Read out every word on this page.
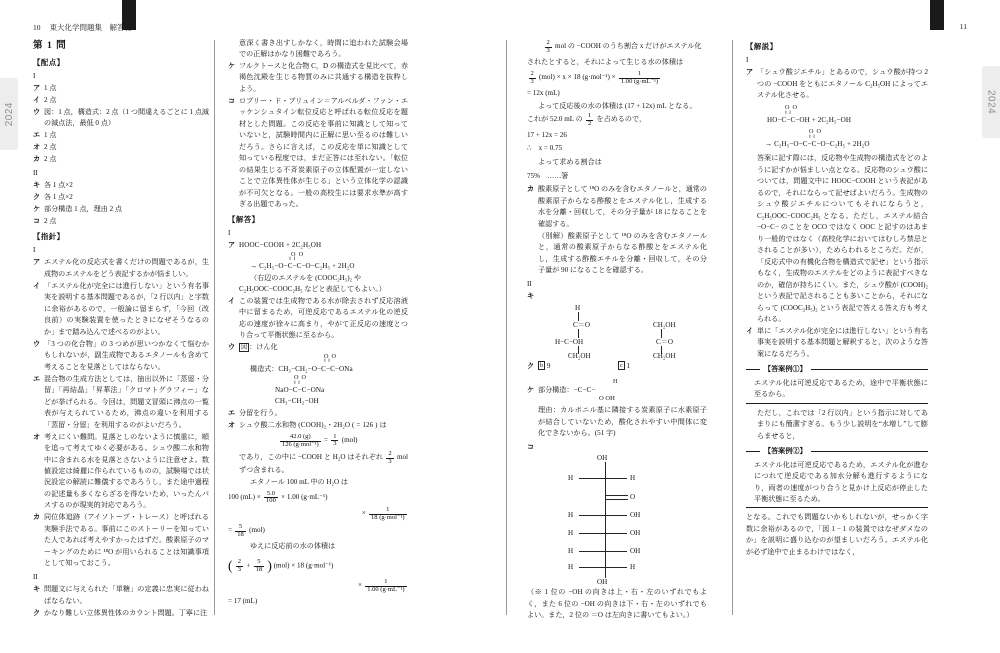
2024	2024
10 東大化学問題集　解答篇	11
第 1 問
【配点】
I
ア 1 点
イ 2 点
ウ 図：1 点，構造式：2 点（1 つ間違えるごとに 1 点減の減点法，最低 0 点）
エ 1 点
オ 2 点
カ 2 点
II
キ 各 1 点×2
ク 各 1 点×2
ケ 部分構造 1 点，理由 2 点
コ 2 点
【指針】
I
ア エステル化の反応式を書くだけの問題であるが，生成物のエステルをどう表記するかが悩ましい。
イ 「エステル化が完全には進行しない」という有名事実を説明する基本問題であるが，「2 行以内」と字数に余裕があるので，一般論に留まらず，「今回（改良前）の実験装置を使ったときになぜそうなるのか」まで踏み込んで述べるのがよい。
ウ 「3 つの化合物」の 3 つめが思いつかなくて悩むかもしれないが，副生成物であるエタノールも含めて考えることを見落としてはならない。
エ 混合物の生成方法としては，抽出以外に「蒸留・分留」「再結晶」「昇華法」「クロマトグラフィー」などが挙げられる。今回は，問題文冒頭に沸点の一覧表が与えられているため，沸点の違いを利用する「蒸留・分留」を利用するのがよいだろう。
オ 考えにくい難問。見落としのないように慎重に，順を追って考えてゆく必要がある。シュウ酸二水和物中に含まれる水を見落とさないように注意せよ。数値設定は綺麗に作られているものの，試験場では状況設定の解読に難儀するであろうし，また途中過程の記述量も多くならざるを得ないため，いったんパスするのが現実的対応であろう。
カ 同位体追跡（アイソトープ・トレース）と呼ばれる実験手法である。事前にこのストーリーを知っていた人であれば考えやすかったはずだ。酸素原子のマーキングのために ¹⁸O が用いられることは知識事項として知っておこう。
II
キ 問題文に与えられた「単糖」の定義に忠実に従わねばならない。
ク かなり難しい立体異性体のカウント問題。丁寧に注
意深く書き出すしかなく，時間に追われた試験会場での正解はかなり困難であろう。
ケ フルクトースと化合物 C，D の構造式を見比べて，赤褐色沈殿を生じる物質のみに共通する構造を抜粋しよう。
コ ロブリー・ド・ブリュイン＝アルベルダ・ファン・エッケンシュタイン転位反応と呼ばれる転位反応を題材とした問題。この反応を事前に知識として知っていないと，試験時間内に正解に思い至るのは難しいだろう。さらに言えば，この反応を単に知識として知っている程度では，まだ正答には至れない。「転位の結果生じる不斉炭素原子の立体配置が一定しないことで立体異性体が生じる」という立体化学の認識が不可欠となる。一般の高校生には要求水準が高すぎる出題であった。
【解答】
I
ア HOOC−COOH + 2C₂H₅OH
O  O
‖  ‖
→ C₂H₅−O−C−C−O−C₂H₅ + 2H₂O
（右辺のエステルを (COOC₂H₅)₂ や
C₂H₅OOC−COOC₂H₅ などと表記してもよい。）
イ この装置では生成物である水が除去されず反応溶液中に留まるため，可逆反応であるエステル化の逆反応の速度が徐々に高まり，やがて正反応の速度とつり合って平衡状態に至るから。
ウ 図 ：けん化
O  O
‖  ‖
構造式：CH₃−CH₂−O−C−C−ONa
O  O
‖  ‖
NaO−C−C−ONa
CH₃−CH₂−OH
エ 分留を行う。
オ シュウ酸二水和物 (COOH)₂・2H₂O ( = 126 ) は
$\frac{42.0 (g)}{\text{126 (g·mol⁻¹)}} = \frac{1}{3} (mol)$
であり，この中に −COOH と H₂O はそれぞれ $\frac{2}{3}$ molずつ含まれる。
エタノール 100 mL 中の H₂O は
100 $(mL) \times \frac{5.0}{100} \times 1.00$ (g·mL⁻¹)
× $\frac{1}{\text{18 (g·mol⁻¹)}}$
= $\frac{5}{18} (mol)$
ゆえに反応前の水の体積は
( $\frac{2}{3} + \frac{5}{18}$ ) (mol) × 18 (g·mol⁻¹)
× $\frac{1}{\text{1.00 (g·mL⁻¹)}}$
= 17 (mL)
$\frac{2}{3}$ mol の −COOH のうち割合 x だけがエステル化
されたとすると，それによって生じる水の体積は
$\frac{2}{3} (mol) \times x \times 18$ $(g\cdot mol^{-1}) \times \frac{1}{\text{1.00 (g·mL⁻¹)}}$
= 12x (mL)
よって反応後の水の体積は (17 + 12x) mL となる。
これが 52.0 mL の $\frac{1}{2}$ を占めるので，
17 + 12x = 26
∴　x = 0.75
よって求める割合は
75%　……箸
カ 酸素原子として ¹⁸O のみを含むエタノールと，通常の酸素原子からなる酢酸とをエステル化し，生成する水を分離・回収して，その分子量が 18 になることを確認する。
（別解）酸素原子として ¹⁸O のみを含むエタノールと，通常の酸素原子からなる酢酸とをエステル化し，生成する酢酸エチルを分離・回収して，その分子量が 90 になることを確認する。
II
キ
H
C＝O
H−C−OH
CH₂OH
CH₂OH
C＝O
CH₂OH
ク b 9	c 1
H
ケ 部分構造：−C−C−
O OH
理由：カルボニル基に隣接する炭素原子に水素原子が結合していないため，酸化されやすい中間体に変化できないから。(51 字)
コ
OH
H	H
O
H	OH
H	OH
H	OH
H	H
OH
（※ 1 位の −OH の向きは上・右・左のいずれでもよく，また 6 位の −OH の向きは下・右・左のいずれでもよい。また，2 位の ＝O は左向きに書いてもよい。）
【解説】
I
ア 「シュウ酸ジエチル」とあるので，シュウ酸が持つ 2 つの −COOH をともにエタノール C₂H₅OH によってエステル化させる。
O  O
‖  ‖
HO−C−C−OH + 2C₂H₅−OH
O  O
‖  ‖
→ C₂H₅−O−C−C−O−C₂H₅ + 2H₂O
答案に記す際には，反応物や生成物の構造式をどのように記すかが悩ましい点となる。反応物のシュウ酸については，問題文中に HOOC−COOH という表記があるので，それにならって記せばよいだろう。生成物のシュウ酸ジエチルについてもそれにならうと，C₂H₅OOC−COOC₂H₅ となる。ただし，エステル結合 −O−C− のことを OCO ではなく OOC と記すのはあまり一般的ではなく（高校化学においてはむしろ禁忌とされることが多い），ためらわれるところだ。だが，「反応式中の有機化合物を構造式で記せ」という指示もなく，生成物のエステルをどのように表記すべきなのか，確信が持ちにくい。また，シュウ酸が (COOH)₂ という表記で記されることも多いことから，それにならって (COOC₂H₅)₂ という表記で答える答え方も考えられる。
イ 単に「エステル化が完全には進行しない」という有名事実を説明する基本問題と解釈すると，次のような答案になるだろう。
【答案例①】
エステル化は可逆反応であるため，途中で平衡状態に至るから。
ただし，これでは「2 行以内」という指示に対してあまりにも簡潔すぎる。もう少し説明を“水増し”して膨らませると，
【答案例②】
エステル化は可逆反応であるため，エステル化が進むにつれて逆反応である加水分解も進行するようになり，両者の速度がつり合うと見かけ上反応が停止した平衡状態に至るため。
となる。これでも問題ないかもしれないが，せっかく字数に余裕があるので，「図 1 − 1 の装置ではなぜダメなのか」を説明に盛り込むのが望ましいだろう。エステル化が必ず途中で止まるわけではなく，
